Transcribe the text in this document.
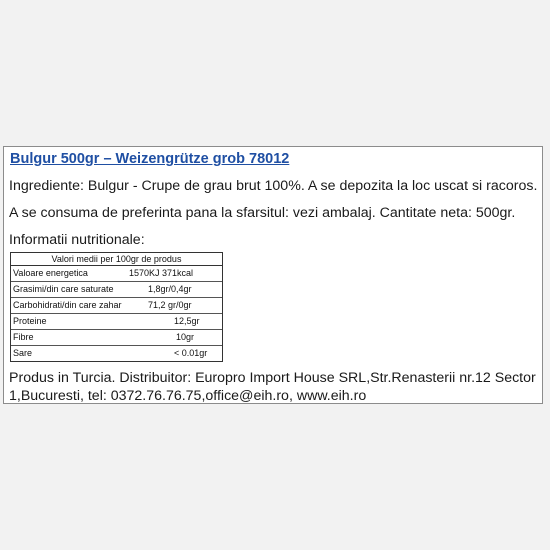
Bulgur 500gr – Weizengrütze grob 78012
Ingrediente: Bulgur - Crupe de grau brut 100%. A se depozita la loc uscat si racoros.
A se consuma de preferinta pana la sfarsitul: vezi ambalaj. Cantitate neta: 500gr.
Informatii nutritionale:
Valori medii per 100gr de produs
Valoare energetica	1570KJ 371kcal
Grasimi/din care saturate	1,8gr/0,4gr
Carbohidrati/din care zahar	71,2 gr/0gr
Proteine	12,5gr
Fibre	10gr
Sare	< 0.01gr
Produs in Turcia. Distribuitor: Europro Import House SRL,Str.Renasterii nr.12 Sector
1,Bucuresti, tel: 0372.76.76.75,office@eih.ro, www.eih.ro
